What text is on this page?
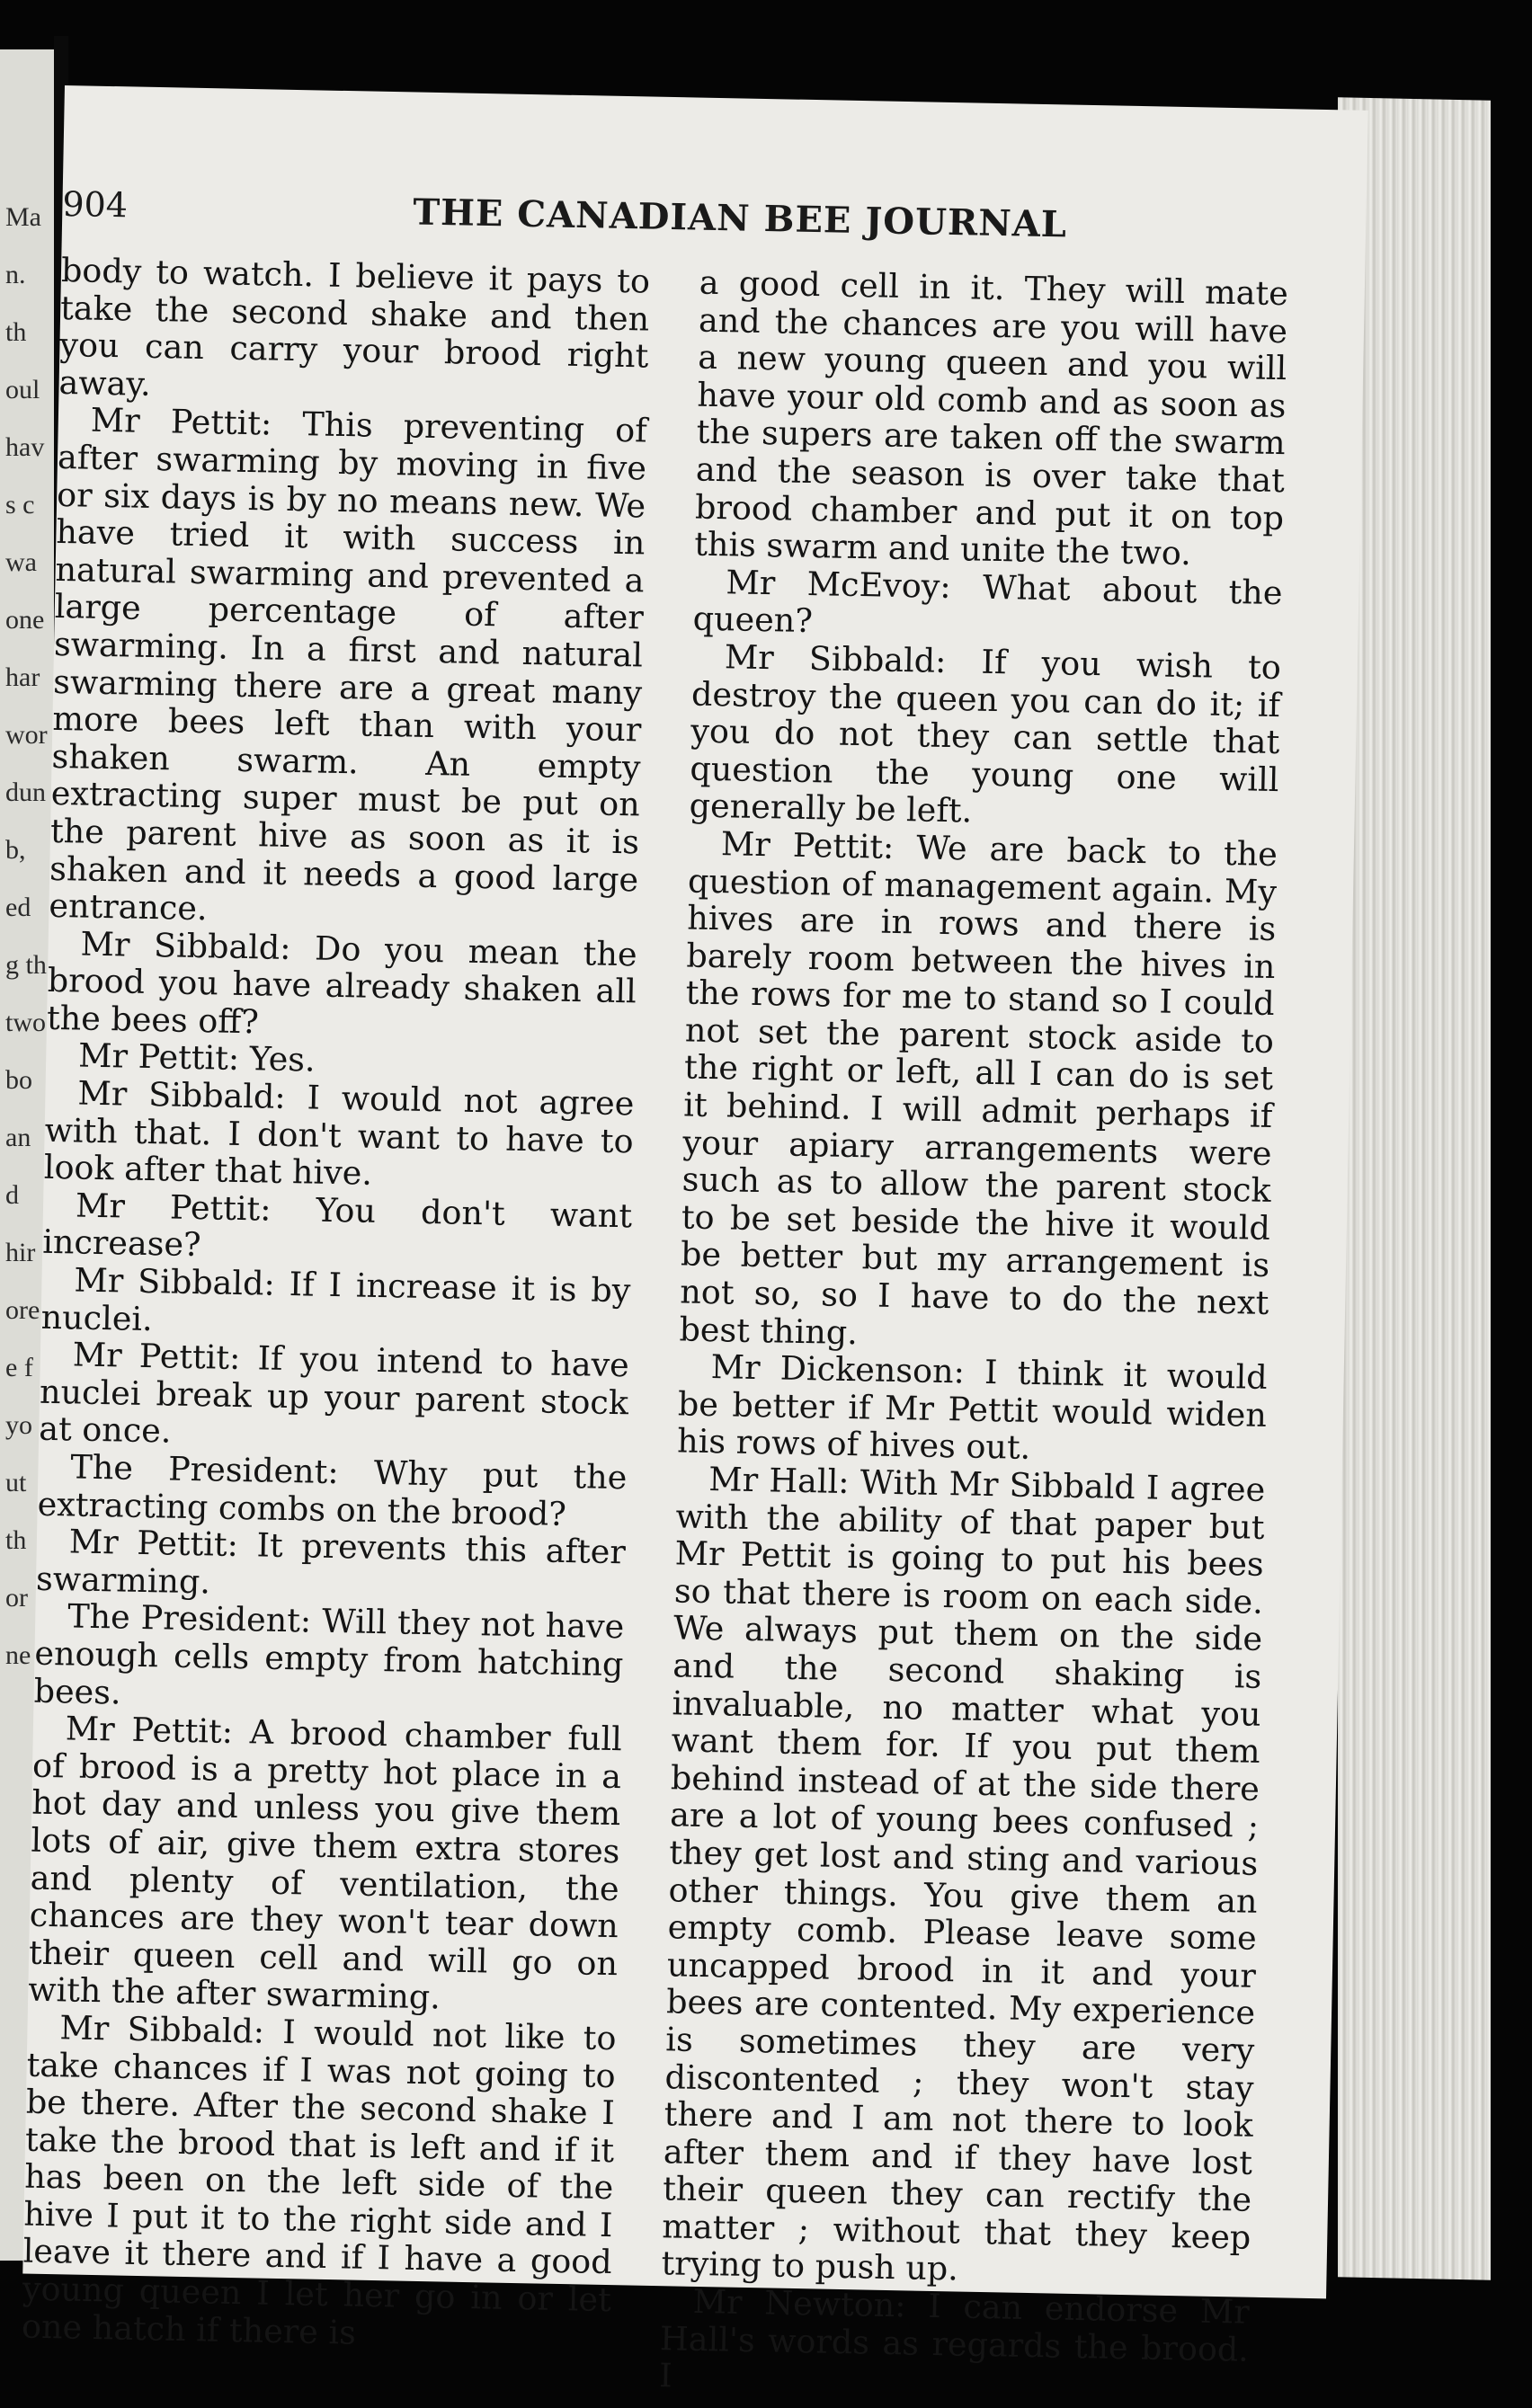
Ma
n.
th
oul
hav
s c
wa
one
har
wor
dun
b,
ed
g th
two
bo
an
d
hir
ore
e f
yo
ut
th
or
ne
904	THE CANADIAN BEE JOURNAL

body to watch. I believe it pays to take the second shake and then you can carry your brood right away.

Mr Pettit: This preventing of after swarming by moving in five or six days is by no means new. We have tried it with success in natural swarming and prevented a large percentage of after swarming. In a first and natural swarming there are a great many more bees left than with your shaken swarm. An empty extracting super must be put on the parent hive as soon as it is shaken and it needs a good large entrance.

Mr Sibbald: Do you mean the brood you have already shaken all the bees off?

Mr Pettit: Yes.

Mr Sibbald: I would not agree with that. I don't want to have to look after that hive.

Mr Pettit: You don't want increase?

Mr Sibbald: If I increase it is by nuclei.

Mr Pettit: If you intend to have nuclei break up your parent stock at once.

The President: Why put the extracting combs on the brood?

Mr Pettit: It prevents this after swarming.

The President: Will they not have enough cells empty from hatching bees.

Mr Pettit: A brood chamber full of brood is a pretty hot place in a hot day and unless you give them lots of air, give them extra stores and plenty of ventilation, the chances are they won't tear down their queen cell and will go on with the after swarming.

Mr Sibbald: I would not like to take chances if I was not going to be there. After the second shake I take the brood that is left and if it has been on the left side of the hive I put it to the right side and I leave it there and if I have a good young queen I let her go in or let one hatch if there is

a good cell in it. They will mate and the chances are you will have a new young queen and you will have your old comb and as soon as the supers are taken off the swarm and the season is over take that brood chamber and put it on top this swarm and unite the two.

Mr McEvoy: What about the queen?

Mr Sibbald: If you wish to destroy the queen you can do it; if you do not they can settle that question the young one will generally be left.

Mr Pettit: We are back to the question of management again. My hives are in rows and there is barely room between the hives in the rows for me to stand so I could not set the parent stock aside to the right or left, all I can do is set it behind. I will admit perhaps if your apiary arrangements were such as to allow the parent stock to be set beside the hive it would be better but my arrangement is not so, so I have to do the next best thing.

Mr Dickenson: I think it would be better if Mr Pettit would widen his rows of hives out.

Mr Hall: With Mr Sibbald I agree with the ability of that paper but Mr Pettit is going to put his bees so that there is room on each side. We always put them on the side and the second shaking is invaluable, no matter what you want them for. If you put them behind instead of at the side there are a lot of young bees confused ; they get lost and sting and various other things. You give them an empty comb. Please leave some uncapped brood in it and your bees are contented. My experience is sometimes they are very discontented ; they won't stay there and I am not there to look after them and if they have lost their queen they can rectify the matter ; without that they keep trying to push up.

Mr Newton: I can endorse Mr Hall's words as regards the brood. I
